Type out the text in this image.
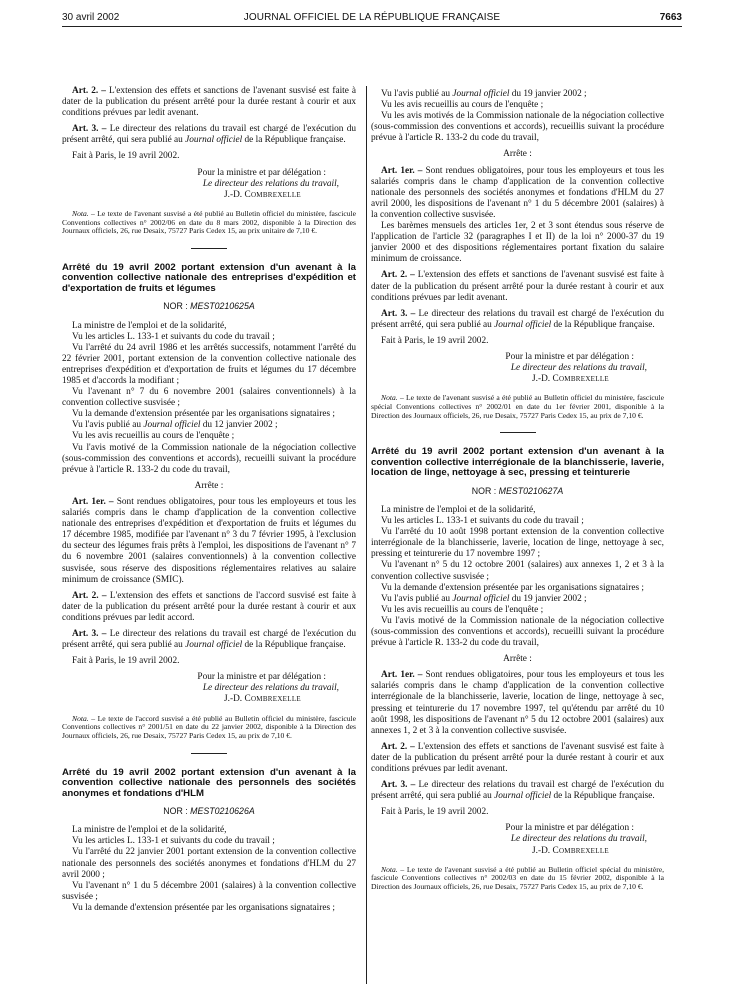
30 avril 2002	JOURNAL OFFICIEL DE LA RÉPUBLIQUE FRANÇAISE	7663

Art. 2. – L'extension des effets et sanctions de l'avenant susvisé est faite à dater de la publication du présent arrêté pour la durée restant à courir et aux conditions prévues par ledit avenant.

Art. 3. – Le directeur des relations du travail est chargé de l'exécution du présent arrêté, qui sera publié au Journal officiel de la République française.

Fait à Paris, le 19 avril 2002.

Pour la ministre et par délégation :

Le directeur des relations du travail,

J.-D. Combrexelle

Nota. – Le texte de l'avenant susvisé a été publié au Bulletin officiel du ministère, fascicule Conventions collectives n° 2002/06 en date du 8 mars 2002, disponible à la Direction des Journaux officiels, 26, rue Desaix, 75727 Paris Cedex 15, au prix unitaire de 7,10 €.

Arrêté du 19 avril 2002 portant extension d'un avenant à la convention collective nationale des entreprises d'expédition et d'exportation de fruits et légumes
NOR : MEST0210625A

La ministre de l'emploi et de la solidarité,

Vu les articles L. 133-1 et suivants du code du travail ;

Vu l'arrêté du 24 avril 1986 et les arrêtés successifs, notamment l'arrêté du 22 février 2001, portant extension de la convention collective nationale des entreprises d'expédition et d'exportation de fruits et légumes du 17 décembre 1985 et d'accords la modifiant ;

Vu l'avenant n° 7 du 6 novembre 2001 (salaires conventionnels) à la convention collective susvisée ;

Vu la demande d'extension présentée par les organisations signataires ;

Vu l'avis publié au Journal officiel du 12 janvier 2002 ;

Vu les avis recueillis au cours de l'enquête ;

Vu l'avis motivé de la Commission nationale de la négociation collective (sous-commission des conventions et accords), recueilli suivant la procédure prévue à l'article R. 133-2 du code du travail,

Arrête :

Art. 1er. – Sont rendues obligatoires, pour tous les employeurs et tous les salariés compris dans le champ d'application de la convention collective nationale des entreprises d'expédition et d'exportation de fruits et légumes du 17 décembre 1985, modifiée par l'avenant n° 3 du 7 février 1995, à l'exclusion du secteur des légumes frais prêts à l'emploi, les dispositions de l'avenant n° 7 du 6 novembre 2001 (salaires conventionnels) à la convention collective susvisée, sous réserve des dispositions réglementaires relatives au salaire minimum de croissance (SMIC).

Art. 2. – L'extension des effets et sanctions de l'accord susvisé est faite à dater de la publication du présent arrêté pour la durée restant à courir et aux conditions prévues par ledit accord.

Art. 3. – Le directeur des relations du travail est chargé de l'exécution du présent arrêté, qui sera publié au Journal officiel de la République française.

Fait à Paris, le 19 avril 2002.

Pour la ministre et par délégation :

Le directeur des relations du travail,

J.-D. Combrexelle

Nota. – Le texte de l'accord susvisé a été publié au Bulletin officiel du ministère, fascicule Conventions collectives n° 2001/51 en date du 22 janvier 2002, disponible à la Direction des Journaux officiels, 26, rue Desaix, 75727 Paris Cedex 15, au prix de 7,10 €.

Arrêté du 19 avril 2002 portant extension d'un avenant à la convention collective nationale des personnels des sociétés anonymes et fondations d'HLM
NOR : MEST0210626A

La ministre de l'emploi et de la solidarité,

Vu les articles L. 133-1 et suivants du code du travail ;

Vu l'arrêté du 22 janvier 2001 portant extension de la convention collective nationale des personnels des sociétés anonymes et fondations d'HLM du 27 avril 2000 ;

Vu l'avenant n° 1 du 5 décembre 2001 (salaires) à la convention collective susvisée ;

Vu la demande d'extension présentée par les organisations signataires ;

Vu l'avis publié au Journal officiel du 19 janvier 2002 ;

Vu les avis recueillis au cours de l'enquête ;

Vu les avis motivés de la Commission nationale de la négociation collective (sous-commission des conventions et accords), recueillis suivant la procédure prévue à l'article R. 133-2 du code du travail,

Arrête :

Art. 1er. – Sont rendues obligatoires, pour tous les employeurs et tous les salariés compris dans le champ d'application de la convention collective nationale des personnels des sociétés anonymes et fondations d'HLM du 27 avril 2000, les dispositions de l'avenant n° 1 du 5 décembre 2001 (salaires) à la convention collective susvisée.

Les barèmes mensuels des articles 1er, 2 et 3 sont étendus sous réserve de l'application de l'article 32 (paragraphes I et II) de la loi n° 2000-37 du 19 janvier 2000 et des dispositions réglementaires portant fixation du salaire minimum de croissance.

Art. 2. – L'extension des effets et sanctions de l'avenant susvisé est faite à dater de la publication du présent arrêté pour la durée restant à courir et aux conditions prévues par ledit avenant.

Art. 3. – Le directeur des relations du travail est chargé de l'exécution du présent arrêté, qui sera publié au Journal officiel de la République française.

Fait à Paris, le 19 avril 2002.

Pour la ministre et par délégation :

Le directeur des relations du travail,

J.-D. Combrexelle

Nota. – Le texte de l'avenant susvisé a été publié au Bulletin officiel du ministère, fascicule spécial Conventions collectives n° 2002/01 en date du 1er février 2001, disponible à la Direction des Journaux officiels, 26, rue Desaix, 75727 Paris Cedex 15, au prix de 7,10 €.

Arrêté du 19 avril 2002 portant extension d'un avenant à la convention collective interrégionale de la blanchisserie, laverie, location de linge, nettoyage à sec, pressing et teinturerie
NOR : MEST0210627A

La ministre de l'emploi et de la solidarité,

Vu les articles L. 133-1 et suivants du code du travail ;

Vu l'arrêté du 10 août 1998 portant extension de la convention collective interrégionale de la blanchisserie, laverie, location de linge, nettoyage à sec, pressing et teinturerie du 17 novembre 1997 ;

Vu l'avenant n° 5 du 12 octobre 2001 (salaires) aux annexes 1, 2 et 3 à la convention collective susvisée ;

Vu la demande d'extension présentée par les organisations signataires ;

Vu l'avis publié au Journal officiel du 19 janvier 2002 ;

Vu les avis recueillis au cours de l'enquête ;

Vu l'avis motivé de la Commission nationale de la négociation collective (sous-commission des conventions et accords), recueilli suivant la procédure prévue à l'article R. 133-2 du code du travail,

Arrête :

Art. 1er. – Sont rendues obligatoires, pour tous les employeurs et tous les salariés compris dans le champ d'application de la convention collective interrégionale de la blanchisserie, laverie, location de linge, nettoyage à sec, pressing et teinturerie du 17 novembre 1997, tel qu'étendu par arrêté du 10 août 1998, les dispositions de l'avenant n° 5 du 12 octobre 2001 (salaires) aux annexes 1, 2 et 3 à la convention collective susvisée.

Art. 2. – L'extension des effets et sanctions de l'avenant susvisé est faite à dater de la publication du présent arrêté pour la durée restant à courir et aux conditions prévues par ledit avenant.

Art. 3. – Le directeur des relations du travail est chargé de l'exécution du présent arrêté, qui sera publié au Journal officiel de la République française.

Fait à Paris, le 19 avril 2002.

Pour la ministre et par délégation :

Le directeur des relations du travail,

J.-D. Combrexelle

Nota. – Le texte de l'avenant susvisé a été publié au Bulletin officiel spécial du ministère, fascicule Conventions collectives n° 2002/03 en date du 15 février 2002, disponible à la Direction des Journaux officiels, 26, rue Desaix, 75727 Paris Cedex 15, au prix de 7,10 €.
